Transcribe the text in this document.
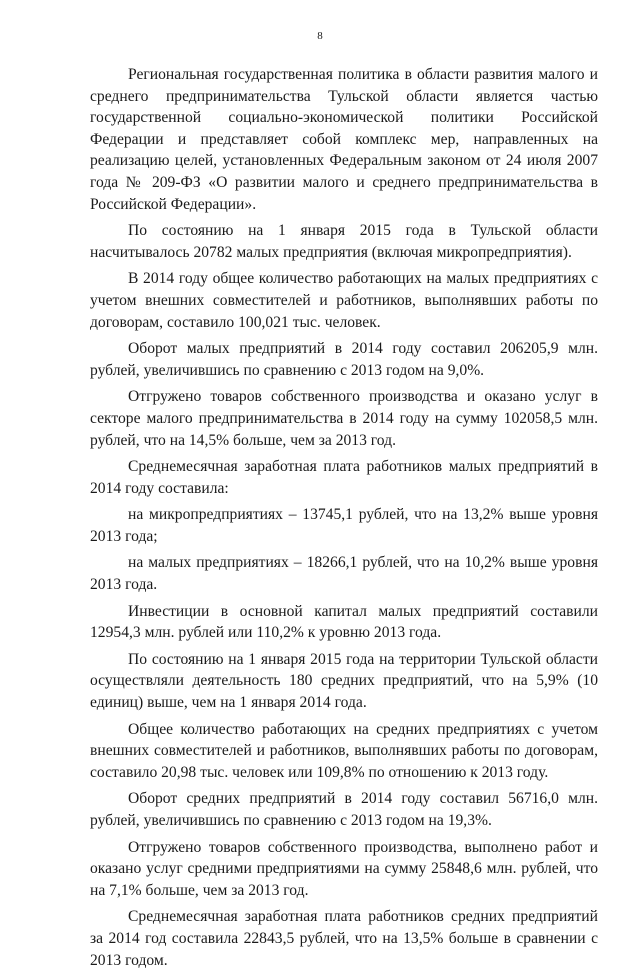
8

Региональная государственная политика в области развития малого и среднего предпринимательства Тульской области является частью государственной социально-экономической политики Российской Федерации и представляет собой комплекс мер, направленных на реализацию целей, установленных Федеральным законом от 24 июля 2007 года № 209-ФЗ «О развитии малого и среднего предпринимательства в Российской Федерации».

По состоянию на 1 января 2015 года в Тульской области насчитывалось 20782 малых предприятия (включая микропредприятия).

В 2014 году общее количество работающих на малых предприятиях с учетом внешних совместителей и работников, выполнявших работы по договорам, составило 100,021 тыс. человек.

Оборот малых предприятий в 2014 году составил 206205,9 млн. рублей, увеличившись по сравнению с 2013 годом на 9,0%.

Отгружено товаров собственного производства и оказано услуг в секторе малого предпринимательства в 2014 году на сумму 102058,5 млн. рублей, что на 14,5% больше, чем за 2013 год.

Среднемесячная заработная плата работников малых предприятий в 2014 году составила:

на микропредприятиях – 13745,1 рублей, что на 13,2% выше уровня 2013 года;

на малых предприятиях – 18266,1 рублей, что на 10,2% выше уровня 2013 года.

Инвестиции в основной капитал малых предприятий составили 12954,3 млн. рублей или 110,2% к уровню 2013 года.

По состоянию на 1 января 2015 года на территории Тульской области осуществляли деятельность 180 средних предприятий, что на 5,9% (10 единиц) выше, чем на 1 января 2014 года.

Общее количество работающих на средних предприятиях с учетом внешних совместителей и работников, выполнявших работы по договорам, составило 20,98 тыс. человек или 109,8% по отношению к 2013 году.

Оборот средних предприятий в 2014 году составил 56716,0 млн. рублей, увеличившись по сравнению с 2013 годом на 19,3%.

Отгружено товаров собственного производства, выполнено работ и оказано услуг средними предприятиями на сумму 25848,6 млн. рублей, что на 7,1% больше, чем за 2013 год.

Среднемесячная заработная плата работников средних предприятий за 2014 год составила 22843,5 рублей, что на 13,5% больше в сравнении с 2013 годом.
